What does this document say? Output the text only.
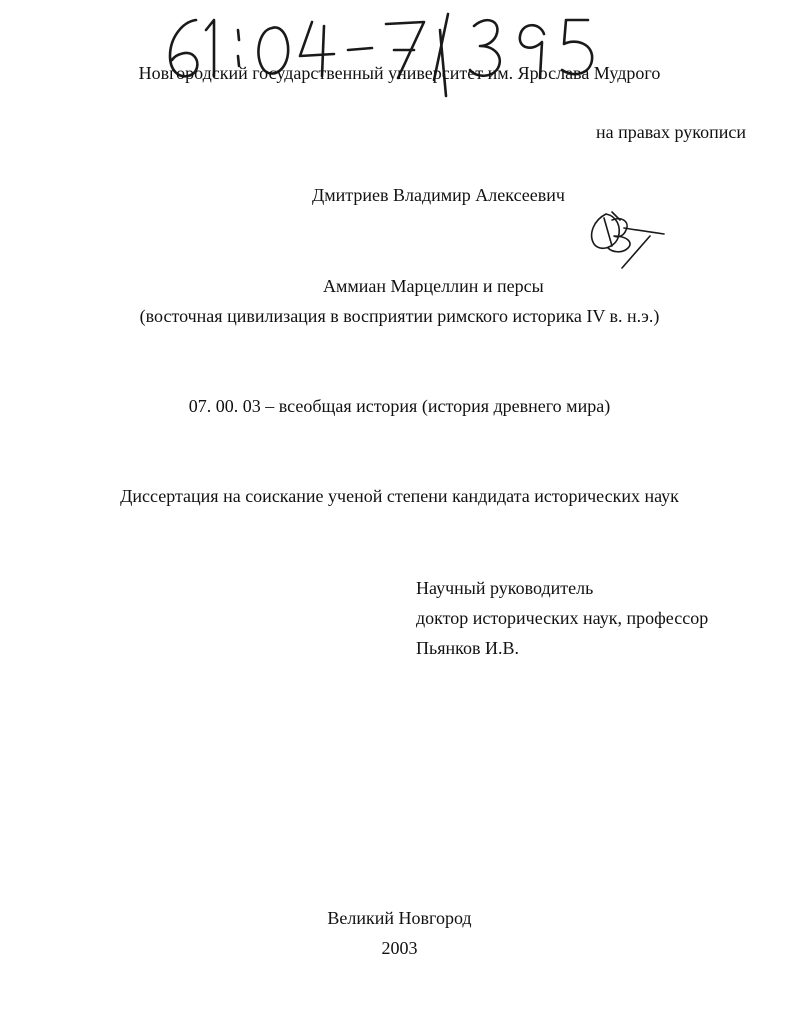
Новгородский государственный университет им. Ярослава Мудрого
на правах рукописи
Дмитриев Владимир Алексеевич
Аммиан Марцеллин и персы
(восточная цивилизация в восприятии римского историка IV в. н.э.)
07. 00. 03 – всеобщая история (история древнего мира)
Диссертация на соискание ученой степени кандидата исторических наук
Научный руководитель
доктор исторических наук, профессор
Пьянков И.В.
Великий Новгород
2003
